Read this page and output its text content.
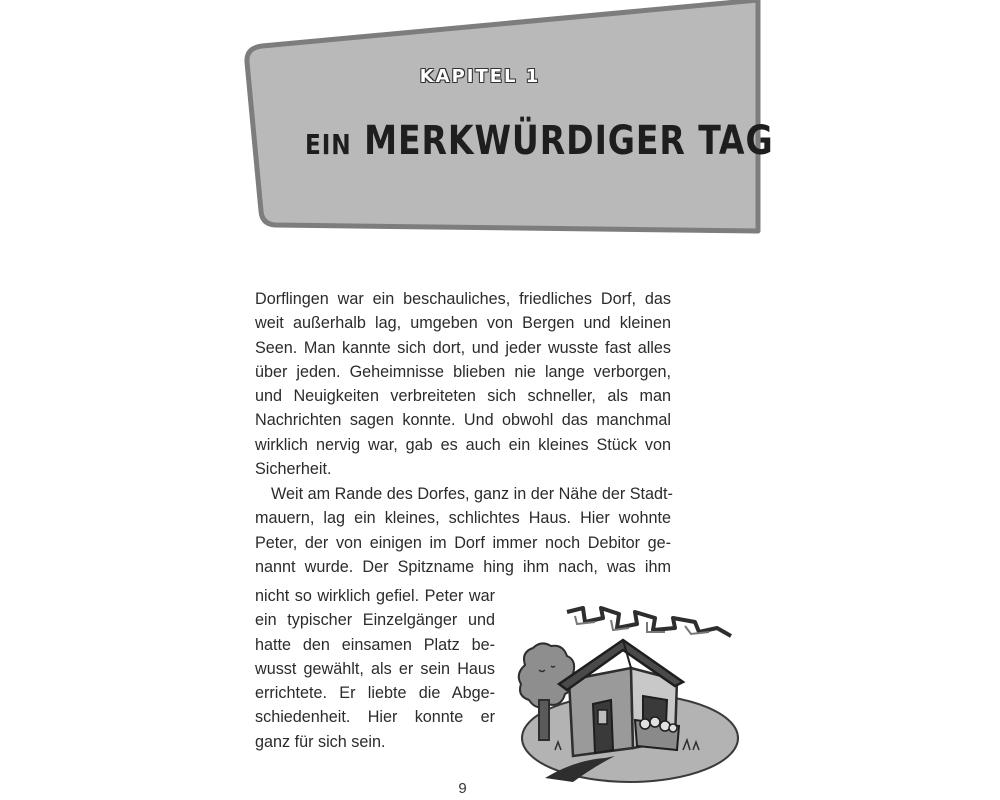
KAPITEL 1
EIN MERKWÜRDIGER TAG
Dorflingen war ein beschauliches, friedliches Dorf, das
weit außerhalb lag, umgeben von Bergen und kleinen
Seen. Man kannte sich dort, und jeder wusste fast alles
über jeden. Geheimnisse blieben nie lange verborgen,
und Neuigkeiten verbreiteten sich schneller, als man
Nachrichten sagen konnte. Und obwohl das manchmal
wirklich nervig war, gab es auch ein kleines Stück von
Sicherheit.
Weit am Rande des Dorfes, ganz in der Nähe der Stadt-
mauern, lag ein kleines, schlichtes Haus. Hier wohnte
Peter, der von einigen im Dorf immer noch Debitor ge-
nannt wurde. Der Spitzname hing ihm nach, was ihm
nicht so wirklich gefiel. Peter war
ein typischer Einzelgänger und
hatte den einsamen Platz be-
wusst gewählt, als er sein Haus
errichtete. Er liebte die Abge-
schiedenheit. Hier konnte er
ganz für sich sein.
9
